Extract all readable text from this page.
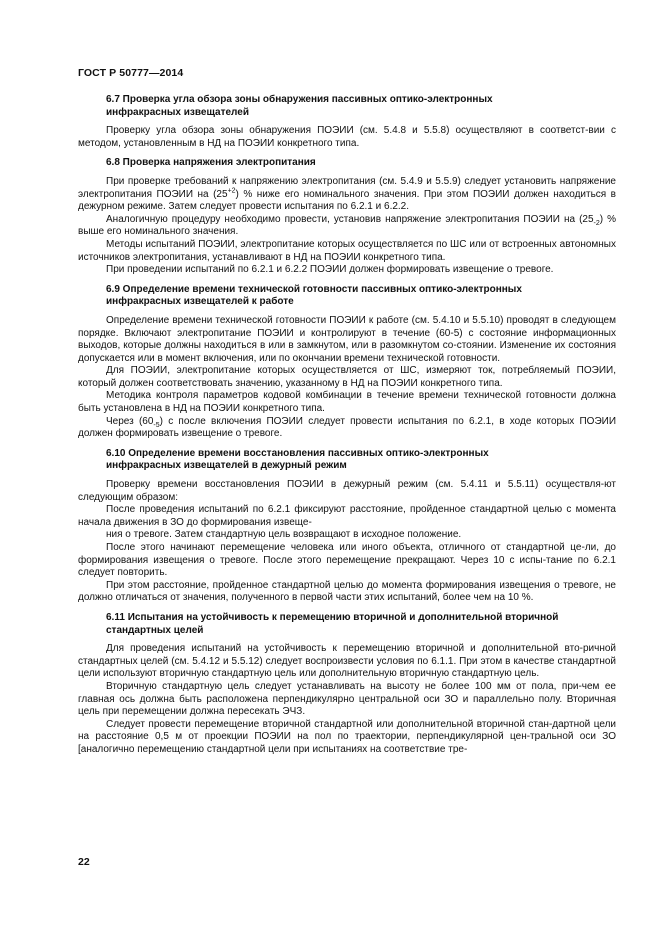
ГОСТ Р 50777—2014
6.7 Проверка угла обзора зоны обнаружения пассивных оптико-электронных
инфракрасных извещателей

Проверку угла обзора зоны обнаружения ПОЭИИ (см. 5.4.8 и 5.5.8) осуществляют в соответст-вии с методом, установленным в НД на ПОЭИИ конкретного типа.

6.8 Проверка напряжения электропитания

При проверке требований к напряжению электропитания (см. 5.4.9 и 5.5.9) следует установить напряжение электропитания ПОЭИИ на $(25^{+2})$ % ниже его номинального значения. При этом ПОЭИИ должен находиться в дежурном режиме. Затем следует провести испытания по 6.2.1 и 6.2.2.

Аналогичную процедуру необходимо провести, установив напряжение электропитания ПОЭИИ на $(25_{-2})$ % выше его номинального значения.

Методы испытаний ПОЭИИ, электропитание которых осуществляется по ШС или от встроенных автономных источников электропитания, устанавливают в НД на ПОЭИИ конкретного типа.

При проведении испытаний по 6.2.1 и 6.2.2 ПОЭИИ должен формировать извещение о тревоге.

6.9 Определение времени технической готовности пассивных оптико-электронных
инфракрасных извещателей к работе

Определение времени технической готовности ПОЭИИ к работе (см. 5.4.10 и 5.5.10) проводят в следующем порядке. Включают электропитание ПОЭИИ и контролируют в течение (60-5) с состояние информационных выходов, которые должны находиться в или в замкнутом, или в разомкнутом со-стоянии. Изменение их состояния допускается или в момент включения, или по окончании времени технической готовности.

Для ПОЭИИ, электропитание которых осуществляется от ШС, измеряют ток, потребляемый ПОЭИИ, который должен соответствовать значению, указанному в НД на ПОЭИИ конкретного типа.

Методика контроля параметров кодовой комбинации в течение времени технической готовности должна быть установлена в НД на ПОЭИИ конкретного типа.

Через $(60_{-5})$ с после включения ПОЭИИ следует провести испытания по 6.2.1, в ходе которых ПОЭИИ должен формировать извещение о тревоге.

6.10 Определение времени восстановления пассивных оптико-электронных
инфракрасных извещателей в дежурный режим

Проверку времени восстановления ПОЭИИ в дежурный режим (см. 5.4.11 и 5.5.11) осуществля-ют следующим образом:

После проведения испытаний по 6.2.1 фиксируют расстояние, пройденное стандартной целью с момента начала движения в ЗО до формирования извеще-

ния о тревоге. Затем стандартную цель возвращают в исходное положение.

После этого начинают перемещение человека или иного объекта, отличного от стандартной це-ли, до формирования извещения о тревоге. После этого перемещение прекращают. Через 10 с испы-тание по 6.2.1 следует повторить.

При этом расстояние, пройденное стандартной целью до момента формирования извещения о тревоге, не должно отличаться от значения, полученного в первой части этих испытаний, более чем на 10 %.

6.11 Испытания на устойчивость к перемещению вторичной и дополнительной вторичной
стандартных целей

Для проведения испытаний на устойчивость к перемещению вторичной и дополнительной вто-ричной стандартных целей (см. 5.4.12 и 5.5.12) следует воспроизвести условия по 6.1.1. При этом в качестве стандартной цели используют вторичную стандартную цель или дополнительную вторичную стандартную цель.

Вторичную стандартную цель следует устанавливать на высоту не более 100 мм от пола, при-чем ее главная ось должна быть расположена перпендикулярно центральной оси ЗО и параллельно полу. Вторичная цель при перемещении должна пересекать ЭЧЗ.

Следует провести перемещение вторичной стандартной или дополнительной вторичной стан-дартной цели на расстояние 0,5 м от проекции ПОЭИИ на пол по траектории, перпендикулярной цен-тральной оси ЗО [аналогично перемещению стандартной цели при испытаниях на соответствие тре-

22
